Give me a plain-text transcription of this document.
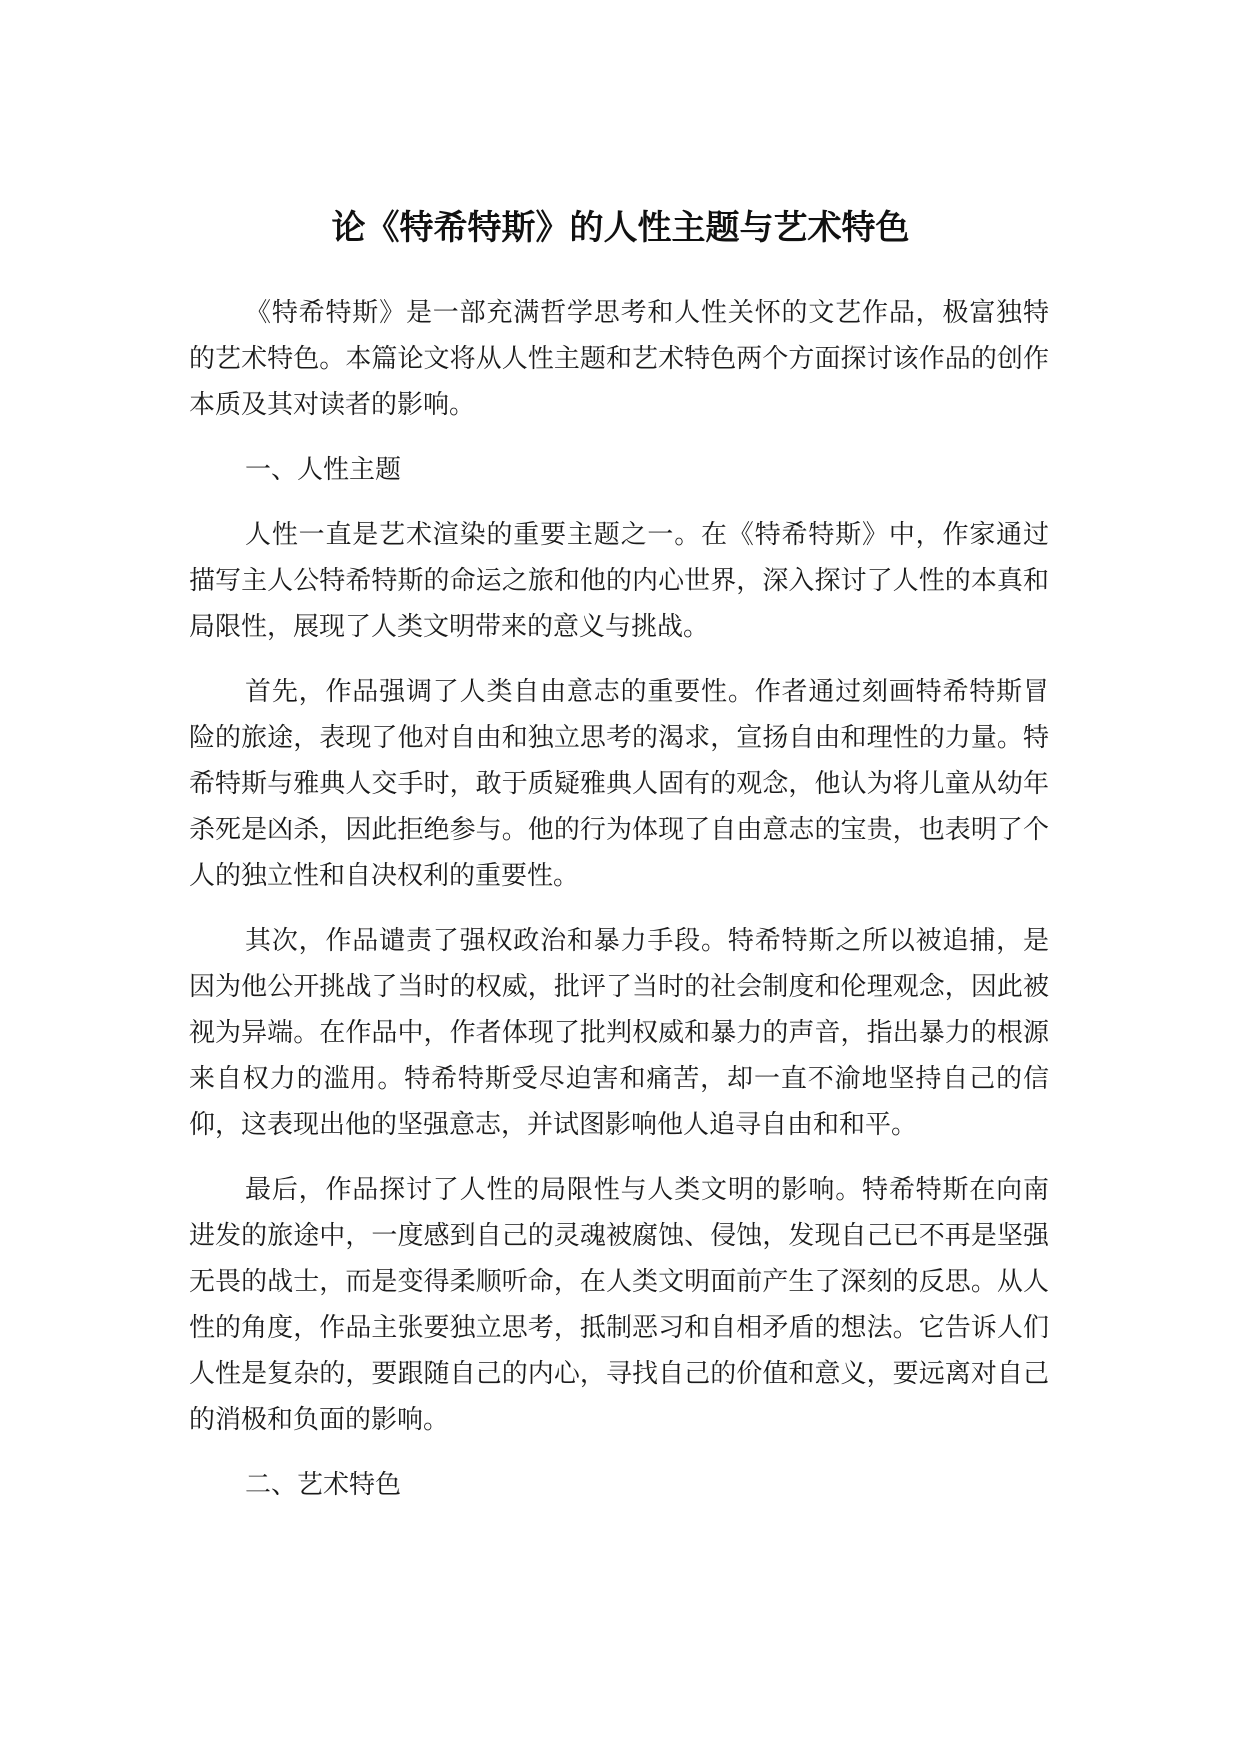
论《特希特斯》的人性主题与艺术特色

《特希特斯》是一部充满哲学思考和人性关怀的文艺作品，极富独特的艺术特色。本篇论文将从人性主题和艺术特色两个方面探讨该作品的创作本质及其对读者的影响。

一、人性主题

人性一直是艺术渲染的重要主题之一。在《特希特斯》中，作家通过描写主人公特希特斯的命运之旅和他的内心世界，深入探讨了人性的本真和局限性，展现了人类文明带来的意义与挑战。

首先，作品强调了人类自由意志的重要性。作者通过刻画特希特斯冒险的旅途，表现了他对自由和独立思考的渴求，宣扬自由和理性的力量。特希特斯与雅典人交手时，敢于质疑雅典人固有的观念，他认为将儿童从幼年杀死是凶杀，因此拒绝参与。他的行为体现了自由意志的宝贵，也表明了个人的独立性和自决权利的重要性。

其次，作品谴责了强权政治和暴力手段。特希特斯之所以被追捕，是因为他公开挑战了当时的权威，批评了当时的社会制度和伦理观念，因此被视为异端。在作品中，作者体现了批判权威和暴力的声音，指出暴力的根源来自权力的滥用。特希特斯受尽迫害和痛苦，却一直不渝地坚持自己的信仰，这表现出他的坚强意志，并试图影响他人追寻自由和和平。

最后，作品探讨了人性的局限性与人类文明的影响。特希特斯在向南进发的旅途中，一度感到自己的灵魂被腐蚀、侵蚀，发现自己已不再是坚强无畏的战士，而是变得柔顺听命，在人类文明面前产生了深刻的反思。从人性的角度，作品主张要独立思考，抵制恶习和自相矛盾的想法。它告诉人们人性是复杂的，要跟随自己的内心，寻找自己的价值和意义，要远离对自己的消极和负面的影响。

二、艺术特色
